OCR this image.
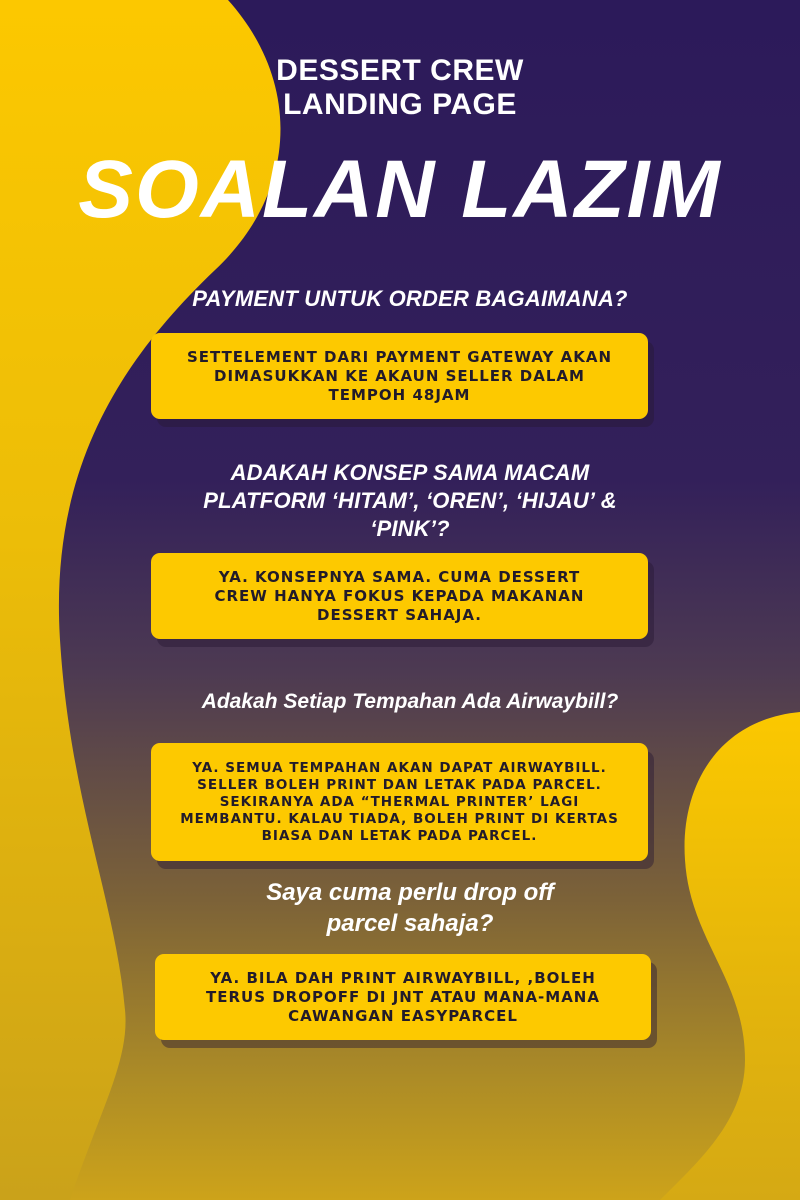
DESSERT CREW
LANDING PAGE
SOALAN LAZIM
PAYMENT UNTUK ORDER BAGAIMANA?
SETTELEMENT DARI PAYMENT GATEWAY AKAN
DIMASUKKAN KE AKAUN SELLER DALAM
TEMPOH 48JAM
ADAKAH KONSEP SAMA MACAM
PLATFORM ‘HITAM’, ‘OREN’, ‘HIJAU’ &
‘PINK’?
YA. KONSEPNYA SAMA. CUMA DESSERT
CREW HANYA FOKUS KEPADA MAKANAN
DESSERT SAHAJA.
Adakah Setiap Tempahan Ada Airwaybill?
YA. SEMUA TEMPAHAN AKAN DAPAT AIRWAYBILL.
SELLER BOLEH PRINT DAN LETAK PADA PARCEL.
SEKIRANYA ADA “THERMAL PRINTER’ LAGI
MEMBANTU. KALAU TIADA, BOLEH PRINT DI KERTAS
BIASA DAN LETAK PADA PARCEL.
Saya cuma perlu drop off
parcel sahaja?
YA. BILA DAH PRINT AIRWAYBILL, ,BOLEH
TERUS DROPOFF DI JNT ATAU MANA-MANA
CAWANGAN EASYPARCEL
